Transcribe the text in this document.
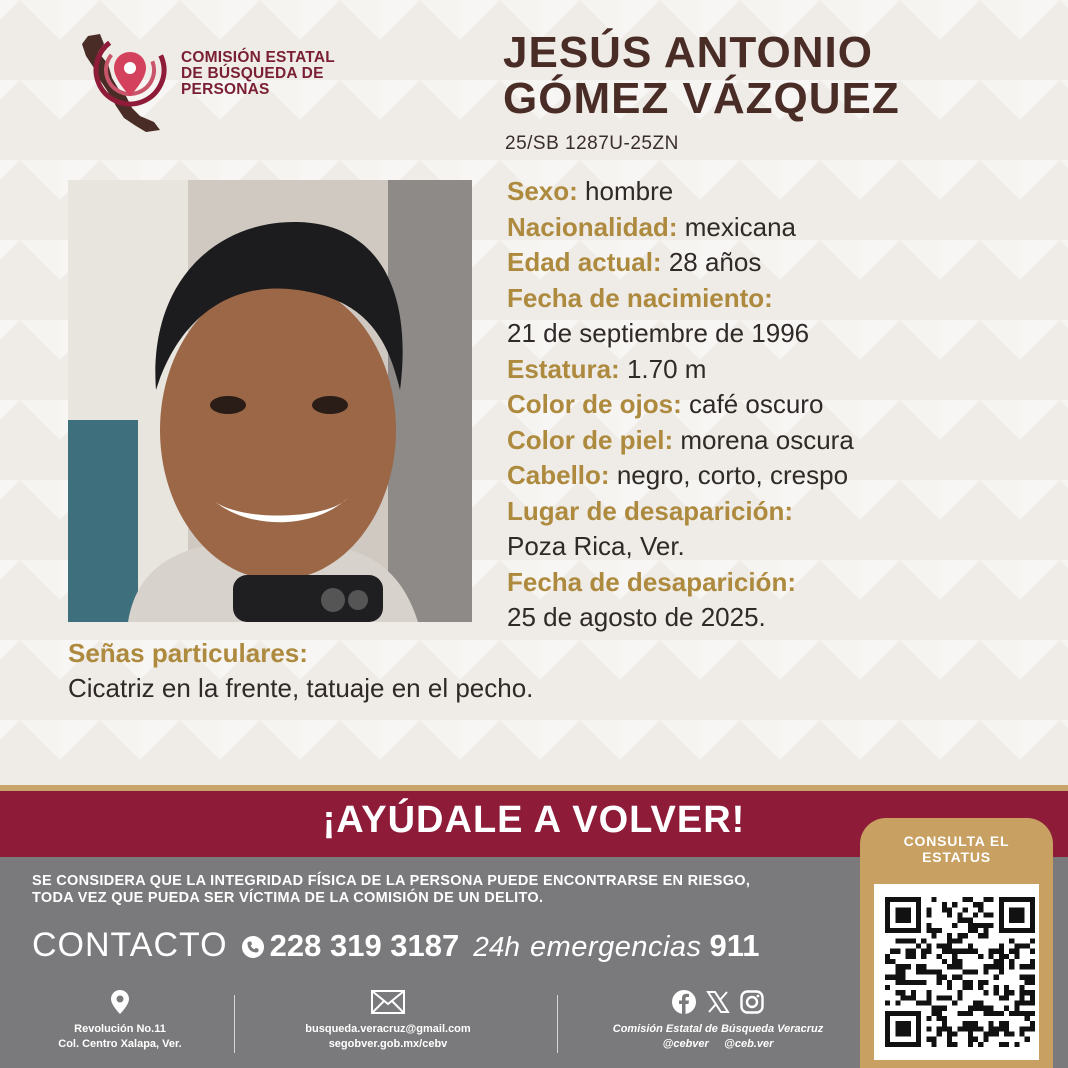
COMISIÓN ESTATAL
DE BÚSQUEDA DE
PERSONAS
JESÚS ANTONIO
GÓMEZ VÁZQUEZ
25/SB 1287U-25ZN
Sexo: hombre
Nacionalidad: mexicana
Edad actual: 28 años
Fecha de nacimiento:
21 de septiembre de 1996
Estatura: 1.70 m
Color de ojos: café oscuro
Color de piel: morena oscura
Cabello: negro, corto, crespo
Lugar de desaparición:
Poza Rica, Ver.
Fecha de desaparición:
25 de agosto de 2025.
Señas particulares:
Cicatriz en la frente, tatuaje en el pecho.
¡AYÚDALE A VOLVER!
SE CONSIDERA QUE LA INTEGRIDAD FÍSICA DE LA PERSONA PUEDE ENCONTRARSE EN RIESGO,
TODA VEZ QUE PUEDA SER VÍCTIMA DE LA COMISIÓN DE UN DELITO.
CONTACTO 228 319 3187 24h emergencias 911
Revolución No.11
Col. Centro Xalapa, Ver.
busqueda.veracruz@gmail.com
segobver.gob.mx/cebv
Comisión Estatal de Búsqueda Veracruz
@cebver @ceb.ver
CONSULTA EL
ESTATUS
